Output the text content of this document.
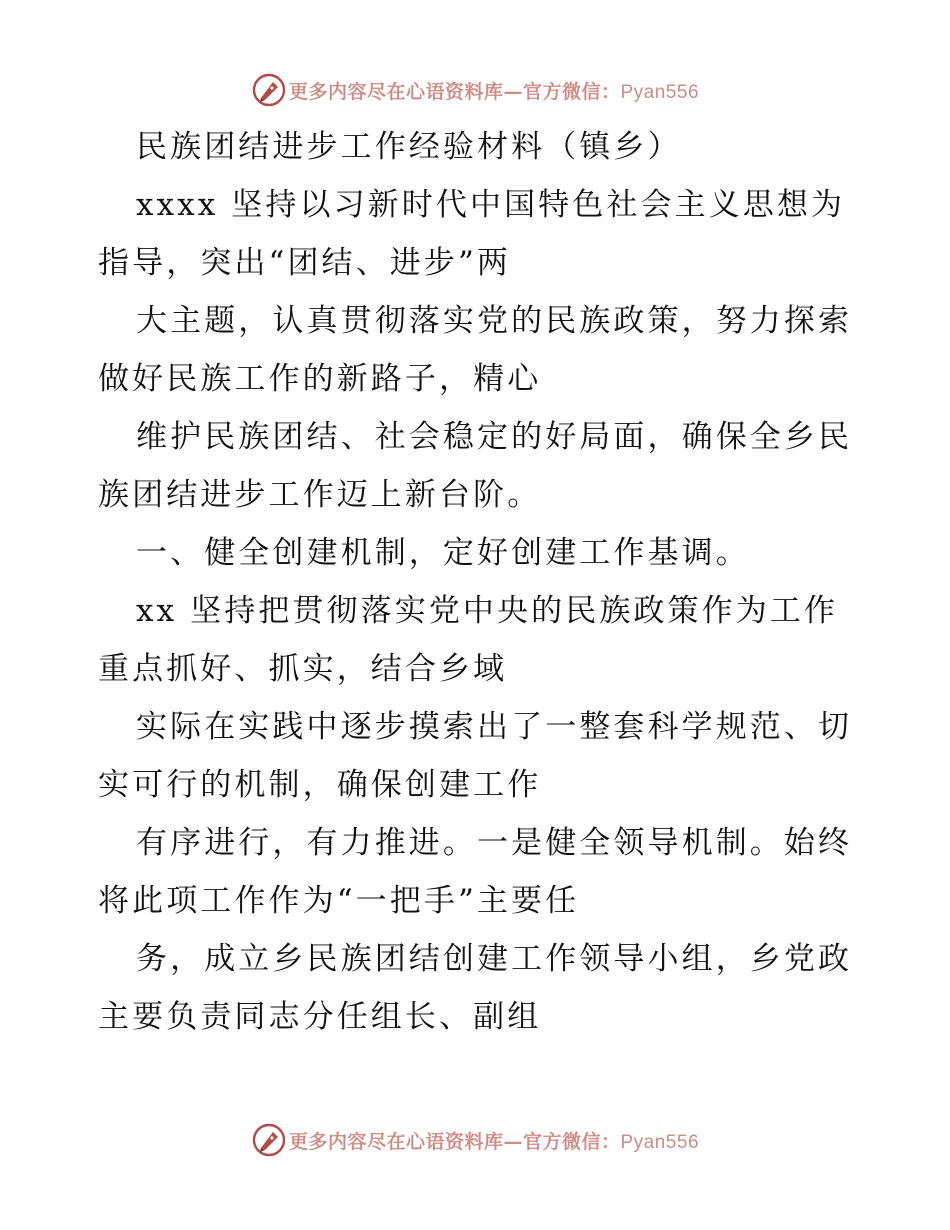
更多内容尽在心语资料库—官方微信：Pyan556
民族团结进步工作经验材料（镇乡）
xxxx 坚持以习新时代中国特色社会主义思想为
指导，突出“团结、进步”两
大主题，认真贯彻落实党的民族政策，努力探索
做好民族工作的新路子，精心
维护民族团结、社会稳定的好局面，确保全乡民
族团结进步工作迈上新台阶。
一、健全创建机制，定好创建工作基调。
xx 坚持把贯彻落实党中央的民族政策作为工作
重点抓好、抓实，结合乡域
实际在实践中逐步摸索出了一整套科学规范、切
实可行的机制，确保创建工作
有序进行，有力推进。一是健全领导机制。始终
将此项工作作为“一把手”主要任
务，成立乡民族团结创建工作领导小组，乡党政
主要负责同志分任组长、副组
更多内容尽在心语资料库—官方微信：Pyan556
